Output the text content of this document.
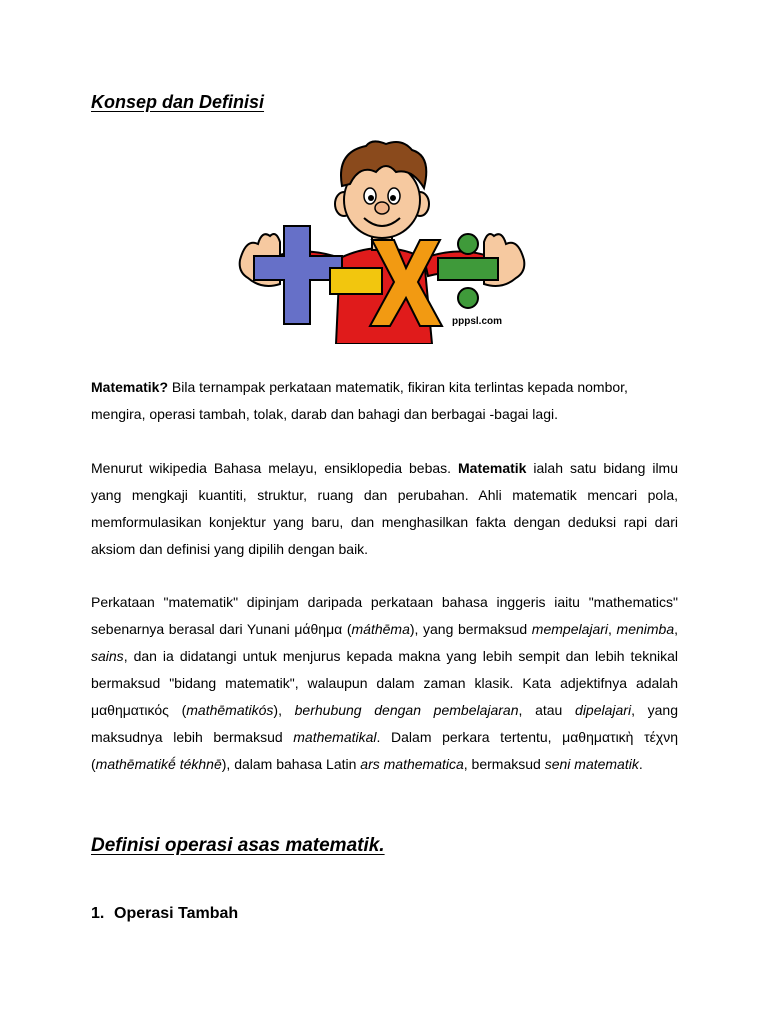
Konsep dan Definisi
pppsl.com

Matematik? Bila ternampak perkataan matematik, fikiran kita terlintas kepada nombor,
mengira, operasi tambah, tolak, darab dan bahagi dan berbagai -bagai lagi.

Menurut wikipedia Bahasa melayu, ensiklopedia bebas. Matematik ialah satu bidang ilmu yang mengkaji kuantiti, struktur, ruang dan perubahan. Ahli matematik mencari pola, memformulasikan konjektur yang baru, dan menghasilkan fakta dengan deduksi rapi dari aksiom dan definisi yang dipilih dengan baik.

Perkataan "matematik" dipinjam daripada perkataan bahasa inggeris iaitu "mathematics" sebenarnya berasal dari Yunani μάθημα (máthēma), yang bermaksud mempelajari, menimba, sains, dan ia didatangi untuk menjurus kepada makna yang lebih sempit dan lebih teknikal bermaksud "bidang matematik", walaupun dalam zaman klasik. Kata adjektifnya adalah μαθηματικός (mathēmatikós), berhubung dengan pembelajaran, atau dipelajari, yang maksudnya lebih bermaksud mathematikal. Dalam perkara tertentu, μαθηματικὴ τέχνη (mathēmatikḗ tékhnē), dalam bahasa Latin ars mathematica, bermaksud seni matematik.

Definisi operasi asas matematik.
1. Operasi Tambah
